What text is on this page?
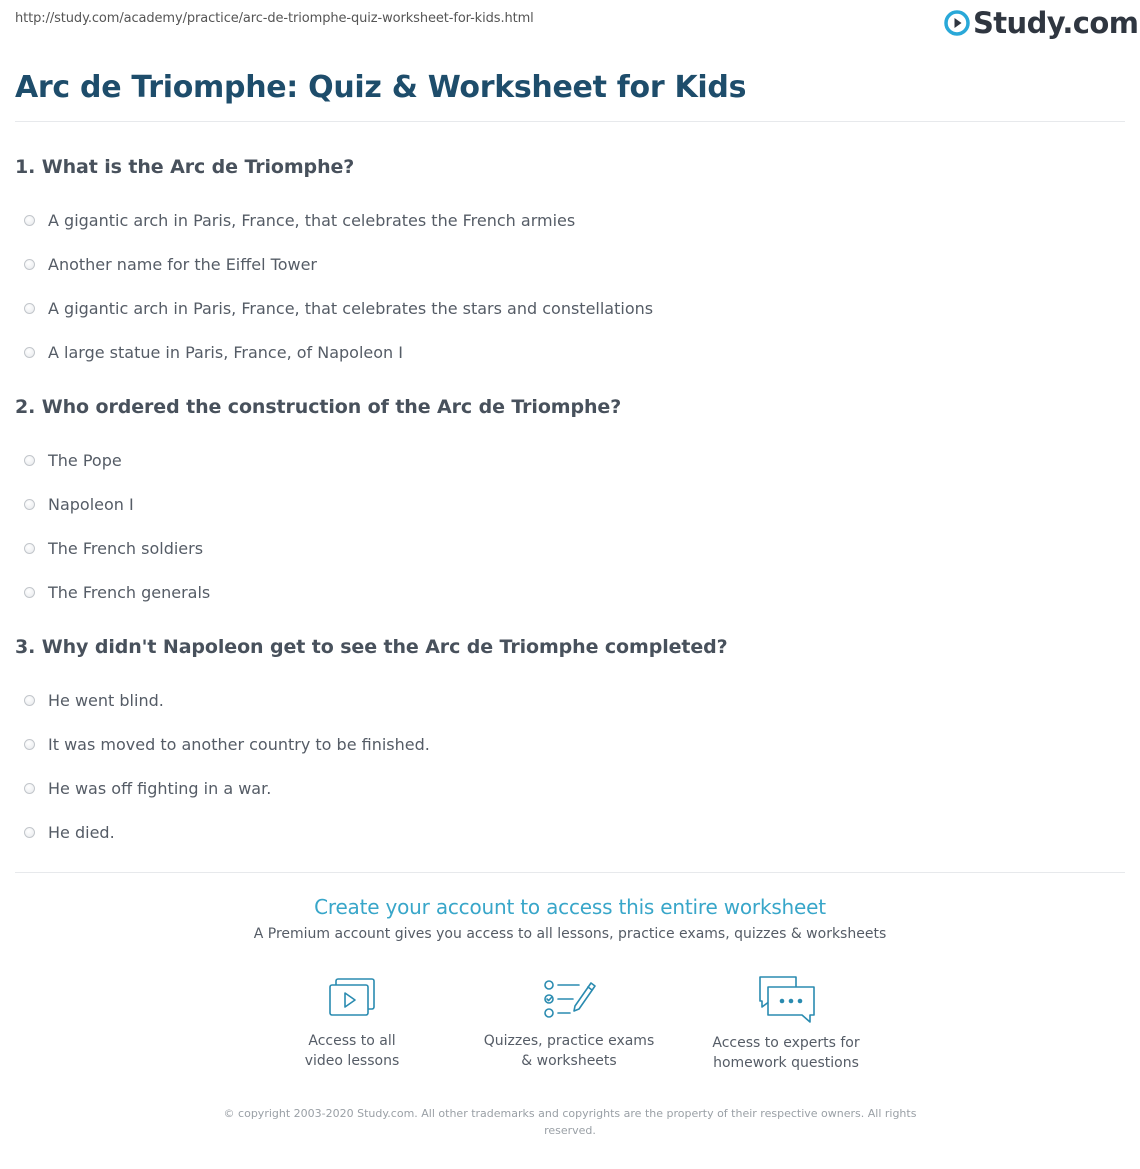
http://study.com/academy/practice/arc-de-triomphe-quiz-worksheet-for-kids.html	Study.com
Arc de Triomphe: Quiz & Worksheet for Kids
1. What is the Arc de Triomphe?
A gigantic arch in Paris, France, that celebrates the French armies
Another name for the Eiffel Tower
A gigantic arch in Paris, France, that celebrates the stars and constellations
A large statue in Paris, France, of Napoleon I
2. Who ordered the construction of the Arc de Triomphe?
The Pope
Napoleon I
The French soldiers
The French generals
3. Why didn't Napoleon get to see the Arc de Triomphe completed?
He went blind.
It was moved to another country to be finished.
He was off fighting in a war.
He died.
Create your account to access this entire worksheet
A Premium account gives you access to all lessons, practice exams, quizzes & worksheets
Access to all
video lessons
Quizzes, practice exams
& worksheets
Access to experts for
homework questions
© copyright 2003-2020 Study.com. All other trademarks and copyrights are the property of their respective owners. All rights reserved.
